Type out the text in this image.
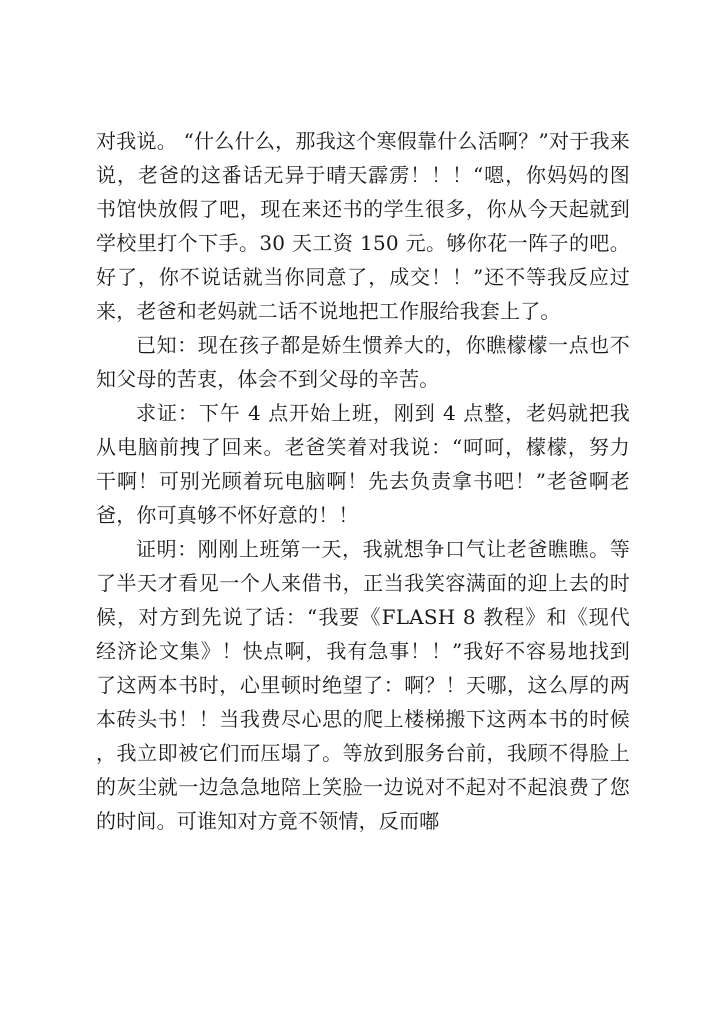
对我说。 “什么什么，那我这个寒假靠什么活啊？”对于我来说，老爸的这番话无异于晴天霹雳！！！“嗯，你妈妈的图书馆快放假了吧，现在来还书的学生很多，你从今天起就到学校里打个下手。30 天工资 150 元。够你花一阵子的吧。好了，你不说话就当你同意了，成交！！”还不等我反应过来，老爸和老妈就二话不说地把工作服给我套上了。

已知：现在孩子都是娇生惯养大的，你瞧檬檬一点也不知父母的苦衷，体会不到父母的辛苦。

求证：下午 4 点开始上班，刚到 4 点整，老妈就把我从电脑前拽了回来。老爸笑着对我说：“呵呵，檬檬，努力干啊！可别光顾着玩电脑啊！先去负责拿书吧！”老爸啊老爸，你可真够不怀好意的！！

证明：刚刚上班第一天，我就想争口气让老爸瞧瞧。等了半天才看见一个人来借书，正当我笑容满面的迎上去的时候，对方到先说了话：“我要《FLASH 8 教程》和《现代经济论文集》！快点啊，我有急事！！”我好不容易地找到了这两本书时，心里顿时绝望了：啊？！天哪，这么厚的两本砖头书！！当我费尽心思的爬上楼梯搬下这两本书的时候，我立即被它们而压塌了。等放到服务台前，我顾不得脸上的灰尘就一边急急地陪上笑脸一边说对不起对不起浪费了您的时间。可谁知对方竟不领情，反而嘟
